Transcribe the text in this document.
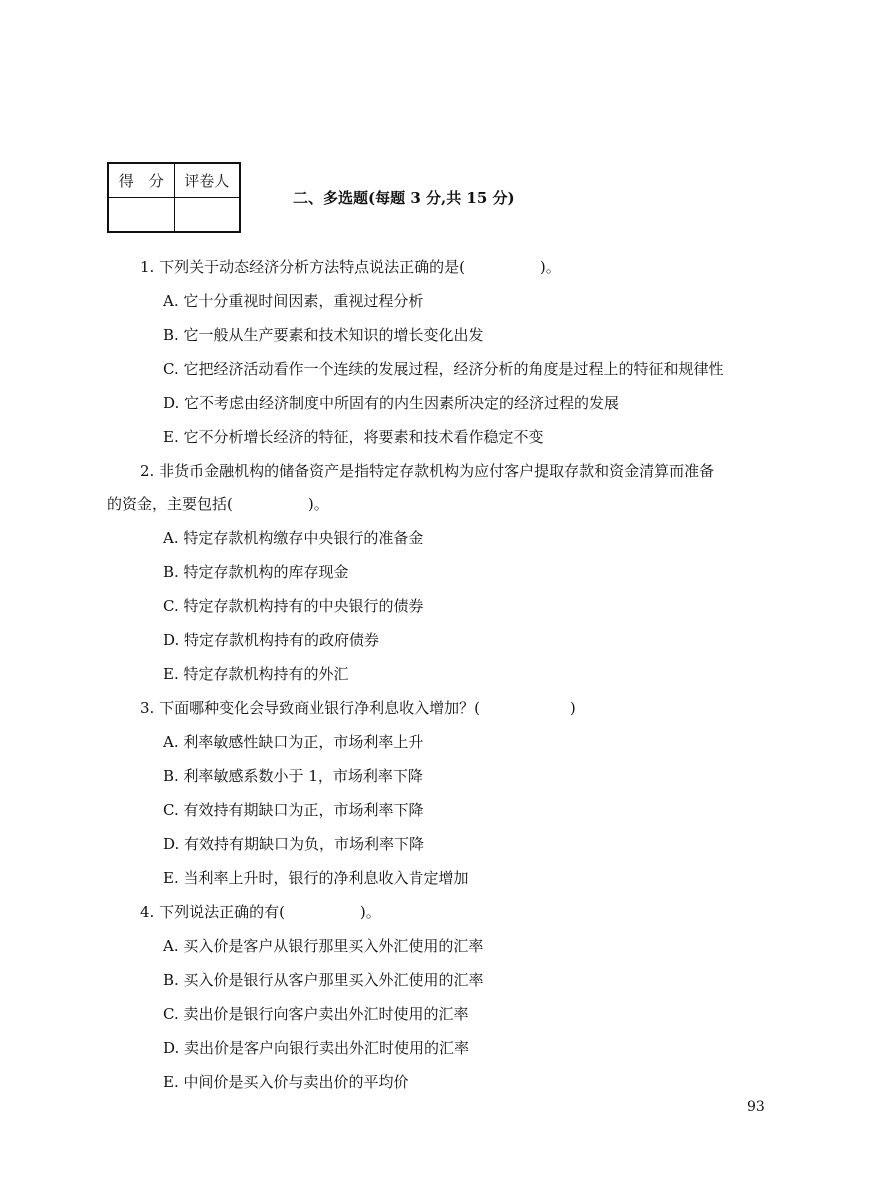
得　分	评卷人

二、多选题(每题 3 分,共 15 分)
1. 下列关于动态经济分析方法特点说法正确的是(　　　　　)。
A. 它十分重视时间因素，重视过程分析
B. 它一般从生产要素和技术知识的增长变化出发
C. 它把经济活动看作一个连续的发展过程，经济分析的角度是过程上的特征和规律性
D. 它不考虑由经济制度中所固有的内生因素所决定的经济过程的发展
E. 它不分析增长经济的特征，将要素和技术看作稳定不变
2. 非货币金融机构的储备资产是指特定存款机构为应付客户提取存款和资金清算而准备
的资金，主要包括(　　　　　)。
A. 特定存款机构缴存中央银行的准备金
B. 特定存款机构的库存现金
C. 特定存款机构持有的中央银行的债券
D. 特定存款机构持有的政府债券
E. 特定存款机构持有的外汇
3. 下面哪种变化会导致商业银行净利息收入增加？(　　　　　　)
A. 利率敏感性缺口为正，市场利率上升
B. 利率敏感系数小于 1，市场利率下降
C. 有效持有期缺口为正，市场利率下降
D. 有效持有期缺口为负，市场利率下降
E. 当利率上升时，银行的净利息收入肯定增加
4. 下列说法正确的有(　　　　　)。
A. 买入价是客户从银行那里买入外汇使用的汇率
B. 买入价是银行从客户那里买入外汇使用的汇率
C. 卖出价是银行向客户卖出外汇时使用的汇率
D. 卖出价是客户向银行卖出外汇时使用的汇率
E. 中间价是买入价与卖出价的平均价
93
